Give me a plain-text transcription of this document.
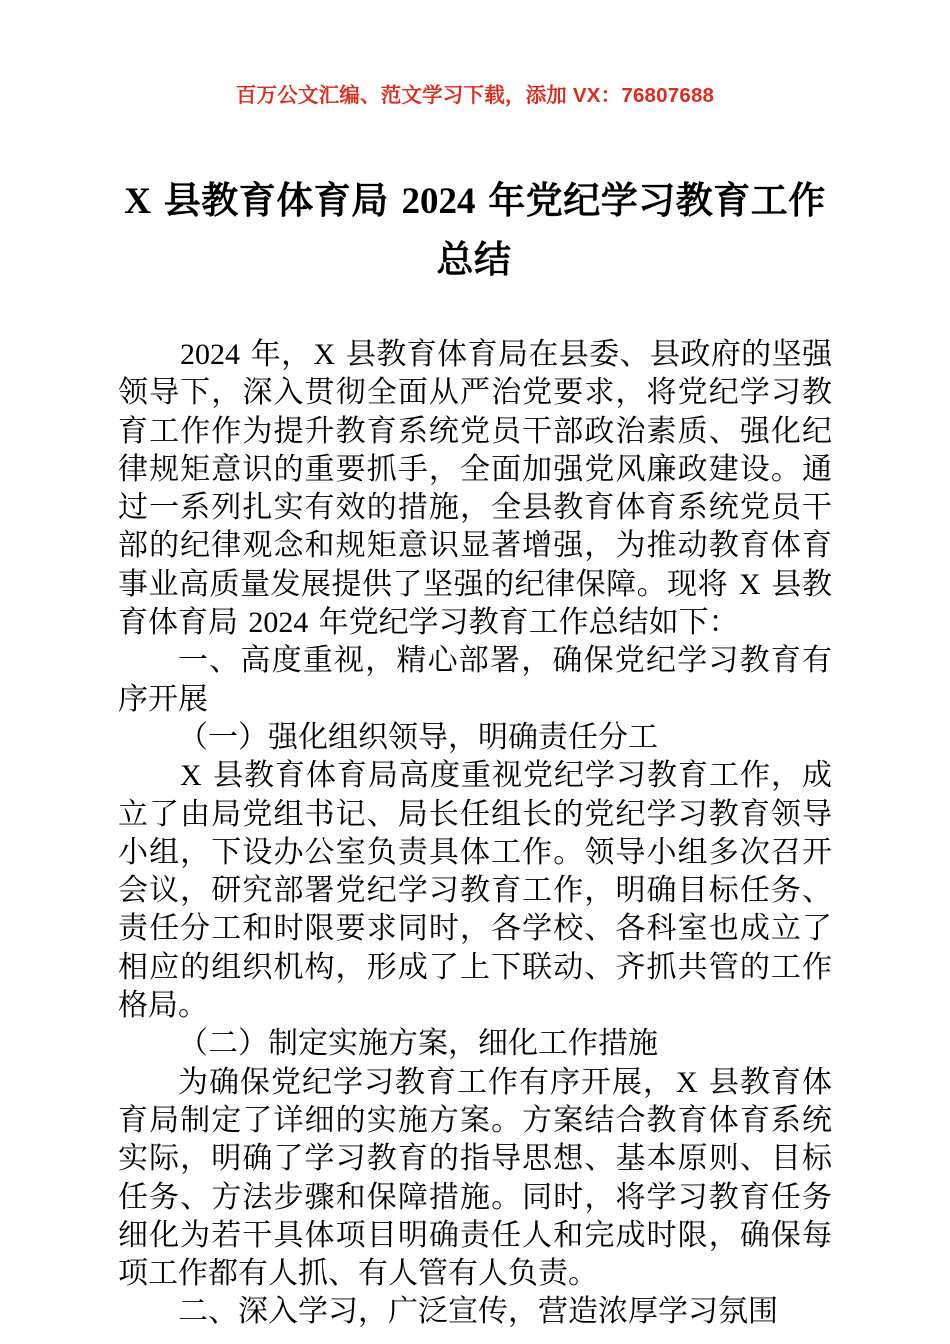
百万公文汇编、范文学习下载，添加 VX：76807688
X 县教育体育局 2024 年党纪学习教育工作总结

2024 年，X 县教育体育局在县委、县政府的坚强领导下，深入贯彻全面从严治党要求，将党纪学习教育工作作为提升教育系统党员干部政治素质、强化纪律规矩意识的重要抓手，全面加强党风廉政建设。通过一系列扎实有效的措施，全县教育体育系统党员干部的纪律观念和规矩意识显著增强，为推动教育体育事业高质量发展提供了坚强的纪律保障。现将 X 县教育体育局 2024 年党纪学习教育工作总结如下：

一、高度重视，精心部署，确保党纪学习教育有序开展

（一）强化组织领导，明确责任分工

X 县教育体育局高度重视党纪学习教育工作，成立了由局党组书记、局长任组长的党纪学习教育领导小组，下设办公室负责具体工作。领导小组多次召开会议，研究部署党纪学习教育工作，明确目标任务、责任分工和时限要求同时，各学校、各科室也成立了相应的组织机构，形成了上下联动、齐抓共管的工作格局。

（二）制定实施方案，细化工作措施

为确保党纪学习教育工作有序开展，X 县教育体育局制定了详细的实施方案。方案结合教育体育系统实际，明确了学习教育的指导思想、基本原则、目标任务、方法步骤和保障措施。同时，将学习教育任务细化为若干具体项目明确责任人和完成时限，确保每项工作都有人抓、有人管有人负责。

二、深入学习，广泛宣传，营造浓厚学习氛围
